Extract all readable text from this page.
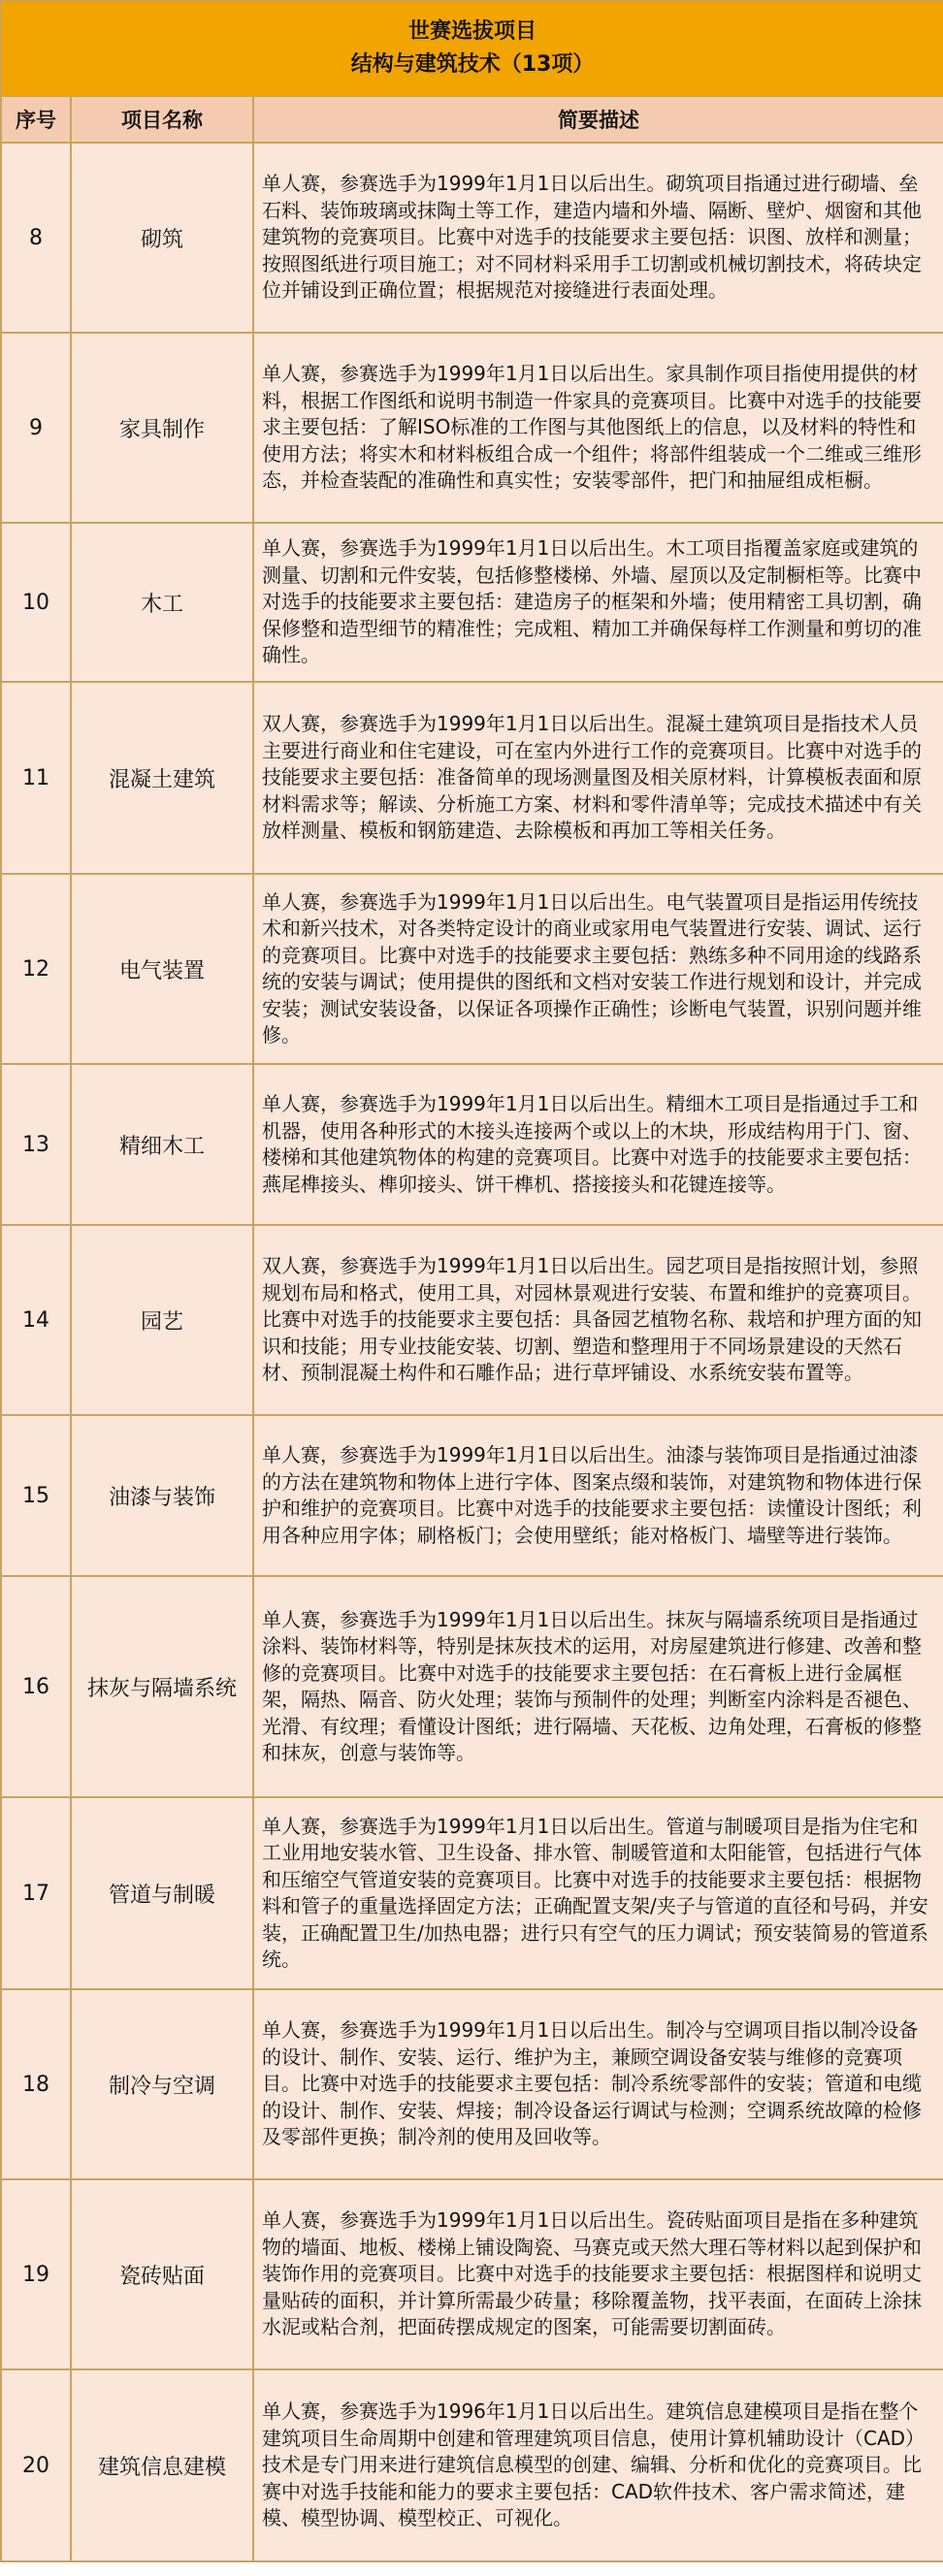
世赛选拔项目
结构与建筑技术（13项）		

序号	项目名称	简要描述
8	砌筑	单人赛，参赛选手为1999年1月1日以后出生。砌筑项目指通过进行砌墙、垒石料、装饰玻璃或抹陶土等工作，建造内墙和外墙、隔断、壁炉、烟窗和其他建筑物的竞赛项目。比赛中对选手的技能要求主要包括：识图、放样和测量；按照图纸进行项目施工；对不同材料采用手工切割或机械切割技术，将砖块定位并铺设到正确位置；根据规范对接缝进行表面处理。
9	家具制作	单人赛，参赛选手为1999年1月1日以后出生。家具制作项目指使用提供的材料，根据工作图纸和说明书制造一件家具的竞赛项目。比赛中对选手的技能要求主要包括：了解ISO标准的工作图与其他图纸上的信息，以及材料的特性和使用方法；将实木和材料板组合成一个组件；将部件组装成一个二维或三维形态，并检查装配的准确性和真实性；安装零部件，把门和抽屉组成柜橱。
10	木工	单人赛，参赛选手为1999年1月1日以后出生。木工项目指覆盖家庭或建筑的测量、切割和元件安装，包括修整楼梯、外墙、屋顶以及定制橱柜等。比赛中对选手的技能要求主要包括：建造房子的框架和外墙；使用精密工具切割，确保修整和造型细节的精准性；完成粗、精加工并确保每样工作测量和剪切的准确性。
11	混凝土建筑	双人赛，参赛选手为1999年1月1日以后出生。混凝土建筑项目是指技术人员主要进行商业和住宅建设，可在室内外进行工作的竞赛项目。比赛中对选手的技能要求主要包括：准备简单的现场测量图及相关原材料，计算模板表面和原材料需求等；解读、分析施工方案、材料和零件清单等；完成技术描述中有关放样测量、模板和钢筋建造、去除模板和再加工等相关任务。
12	电气装置	单人赛，参赛选手为1999年1月1日以后出生。电气装置项目是指运用传统技术和新兴技术，对各类特定设计的商业或家用电气装置进行安装、调试、运行的竞赛项目。比赛中对选手的技能要求主要包括：熟练多种不同用途的线路系统的安装与调试；使用提供的图纸和文档对安装工作进行规划和设计，并完成安装；测试安装设备，以保证各项操作正确性；诊断电气装置，识别问题并维修。
13	精细木工	单人赛，参赛选手为1999年1月1日以后出生。精细木工项目是指通过手工和机器，使用各种形式的木接头连接两个或以上的木块，形成结构用于门、窗、楼梯和其他建筑物体的构建的竞赛项目。比赛中对选手的技能要求主要包括：燕尾榫接头、榫卯接头、饼干榫机、搭接接头和花键连接等。
14	园艺	双人赛，参赛选手为1999年1月1日以后出生。园艺项目是指按照计划，参照规划布局和格式，使用工具，对园林景观进行安装、布置和维护的竞赛项目。比赛中对选手的技能要求主要包括：具备园艺植物名称、栽培和护理方面的知识和技能；用专业技能安装、切割、塑造和整理用于不同场景建设的天然石材、预制混凝土构件和石雕作品；进行草坪铺设、水系统安装布置等。
15	油漆与装饰	单人赛，参赛选手为1999年1月1日以后出生。油漆与装饰项目是指通过油漆的方法在建筑物和物体上进行字体、图案点缀和装饰，对建筑物和物体进行保护和维护的竞赛项目。比赛中对选手的技能要求主要包括：读懂设计图纸；利用各种应用字体；刷格板门；会使用壁纸；能对格板门、墙壁等进行装饰。
16	抹灰与隔墙系统	单人赛，参赛选手为1999年1月1日以后出生。抹灰与隔墙系统项目是指通过涂料、装饰材料等，特别是抹灰技术的运用，对房屋建筑进行修建、改善和整修的竞赛项目。比赛中对选手的技能要求主要包括：在石膏板上进行金属框架，隔热、隔音、防火处理；装饰与预制件的处理；判断室内涂料是否褪色、光滑、有纹理；看懂设计图纸；进行隔墙、天花板、边角处理，石膏板的修整和抹灰，创意与装饰等。
17	管道与制暖	单人赛，参赛选手为1999年1月1日以后出生。管道与制暖项目是指为住宅和工业用地安装水管、卫生设备、排水管、制暖管道和太阳能管，包括进行气体和压缩空气管道安装的竞赛项目。比赛中对选手的技能要求主要包括：根据物料和管子的重量选择固定方法；正确配置支架/夹子与管道的直径和号码，并安装，正确配置卫生/加热电器；进行只有空气的压力调试；预安装简易的管道系统。
18	制冷与空调	单人赛，参赛选手为1999年1月1日以后出生。制冷与空调项目指以制冷设备的设计、制作、安装、运行、维护为主，兼顾空调设备安装与维修的竞赛项目。比赛中对选手的技能要求主要包括：制冷系统零部件的安装；管道和电缆的设计、制作、安装、焊接；制冷设备运行调试与检测；空调系统故障的检修及零部件更换；制冷剂的使用及回收等。
19	瓷砖贴面	单人赛，参赛选手为1999年1月1日以后出生。瓷砖贴面项目是指在多种建筑物的墙面、地板、楼梯上铺设陶瓷、马赛克或天然大理石等材料以起到保护和装饰作用的竞赛项目。比赛中对选手的技能要求主要包括：根据图样和说明丈量贴砖的面积，并计算所需最少砖量；移除覆盖物，找平表面，在面砖上涂抹水泥或粘合剂，把面砖摆成规定的图案，可能需要切割面砖。
20	建筑信息建模	单人赛，参赛选手为1996年1月1日以后出生。建筑信息建模项目是指在整个建筑项目生命周期中创建和管理建筑项目信息，使用计算机辅助设计（CAD）技术是专门用来进行建筑信息模型的创建、编辑、分析和优化的竞赛项目。比赛中对选手技能和能力的要求主要包括：CAD软件技术、客户需求简述，建模、模型协调、模型校正、可视化。
